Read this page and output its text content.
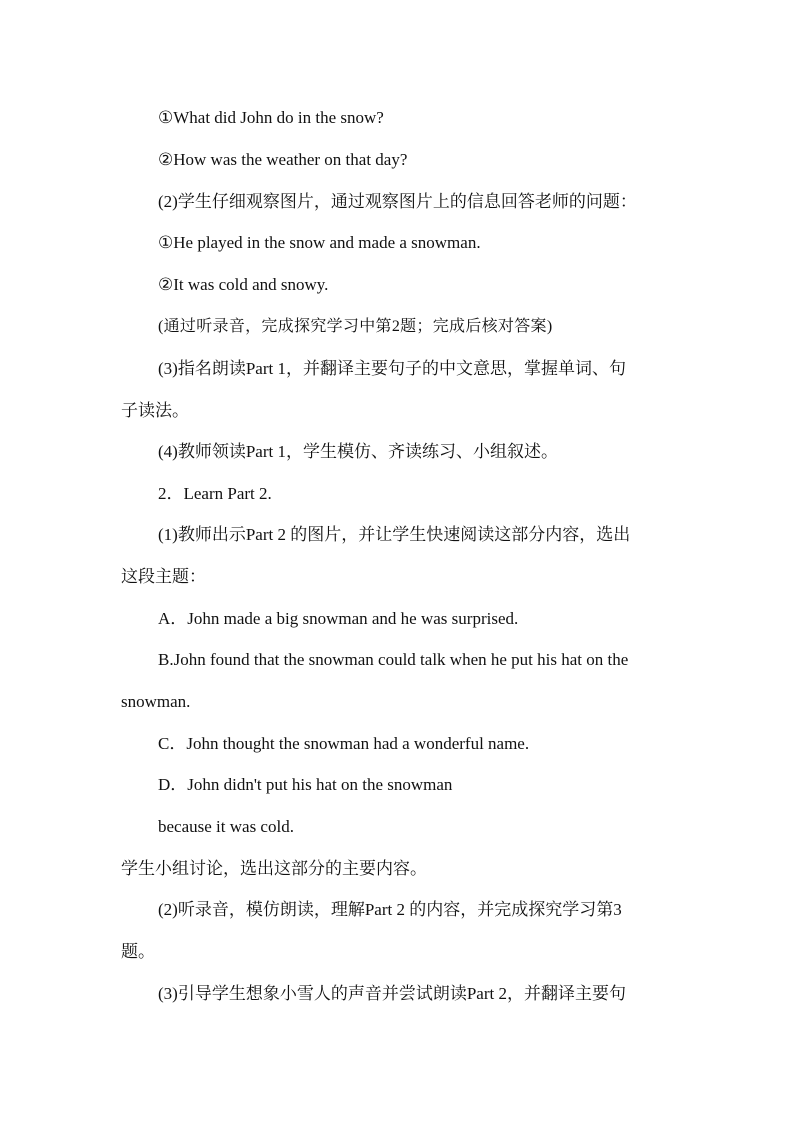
①What did John do in the snow?
②How was the weather on that day?
(2)学生仔细观察图片，通过观察图片上的信息回答老师的问题：
①He played in the snow and made a snowman.
②It was cold and snowy.
(通过听录音，完成探究学习中第2题；完成后核对答案)
(3)指名朗读Part 1，并翻译主要句子的中文意思，掌握单词、句
子读法。
(4)教师领读Part 1，学生模仿、齐读练习、小组叙述。
2．Learn Part 2.
(1)教师出示Part 2 的图片，并让学生快速阅读这部分内容，选出
这段主题：
A．John made a big snowman and he was surprised.
B.John found that the snowman could talk when he put his hat on the
snowman.
C．John thought the snowman had a wonderful name.
D．John didn't put his hat on the snowman
because it was cold.
学生小组讨论，选出这部分的主要内容。
(2)听录音，模仿朗读，理解Part 2 的内容，并完成探究学习第3
题。
(3)引导学生想象小雪人的声音并尝试朗读Part 2，并翻译主要句
